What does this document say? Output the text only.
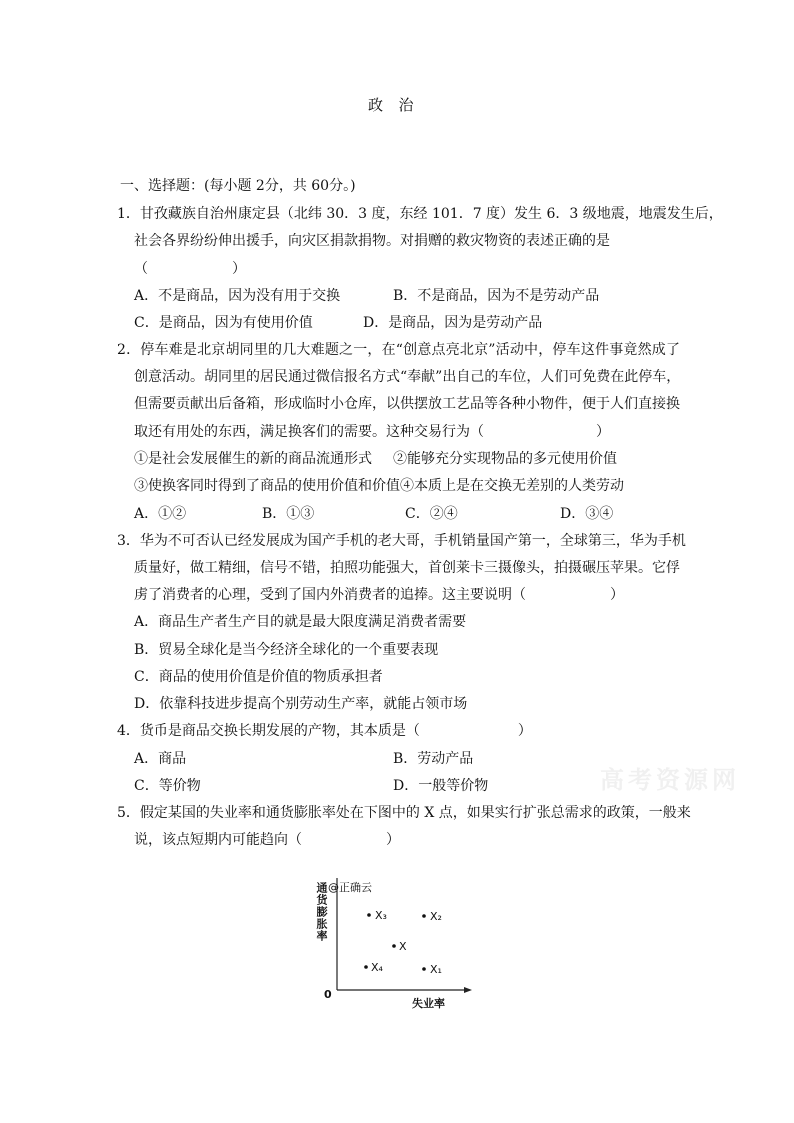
政  治
一、选择题：(每小题 2分，共 60分。)
1．甘孜藏族自治州康定县（北纬 30．3 度，东经 101．7 度）发生 6．3 级地震，地震发生后，
社会各界纷纷伸出援手，向灾区捐款捐物。对捐赠的救灾物资的表述正确的是
（　　　　　　）
A．不是商品，因为没有用于交换	B．不是商品，因为不是劳动产品
C．是商品，因为有使用价值	D．是商品，因为是劳动产品
2．停车难是北京胡同里的几大难题之一，在“创意点亮北京”活动中，停车这件事竟然成了
创意活动。胡同里的居民通过微信报名方式“奉献”出自己的车位，人们可免费在此停车，
但需要贡献出后备箱，形成临时小仓库，以供摆放工艺品等各种小物件，便于人们直接换
取还有用处的东西，满足换客们的需要。这种交易行为（　　　　　　　　）
①是社会发展催生的新的商品流通形式 ②能够充分实现物品的多元使用价值
③使换客同时得到了商品的使用价值和价值④本质上是在交换无差别的人类劳动
A．①②	B．①③	C．②④	D．③④
3．华为不可否认已经发展成为国产手机的老大哥，手机销量国产第一，全球第三，华为手机
质量好，做工精细，信号不错，拍照功能强大，首创莱卡三摄像头，拍摄碾压苹果。它俘
虏了消费者的心理，受到了国内外消费者的追捧。这主要说明（　　　　　　）
A．商品生产者生产目的就是最大限度满足消费者需要
B．贸易全球化是当今经济全球化的一个重要表现
C．商品的使用价值是价值的物质承担者
D．依靠科技进步提高个别劳动生产率，就能占领市场
4．货币是商品交换长期发展的产物，其本质是（　　　　　　　）
A．商品	B．劳动产品
C．等价物	D．一般等价物	高考资源网
5．假定某国的失业率和通货膨胀率处在下图中的 X 点，如果实行扩张总需求的政策，一般来
说，该点短期内可能趋向（　　　　　　）
通货膨胀率 @正确云
X₃	X₂
X
X₄	X₁
0
失业率
